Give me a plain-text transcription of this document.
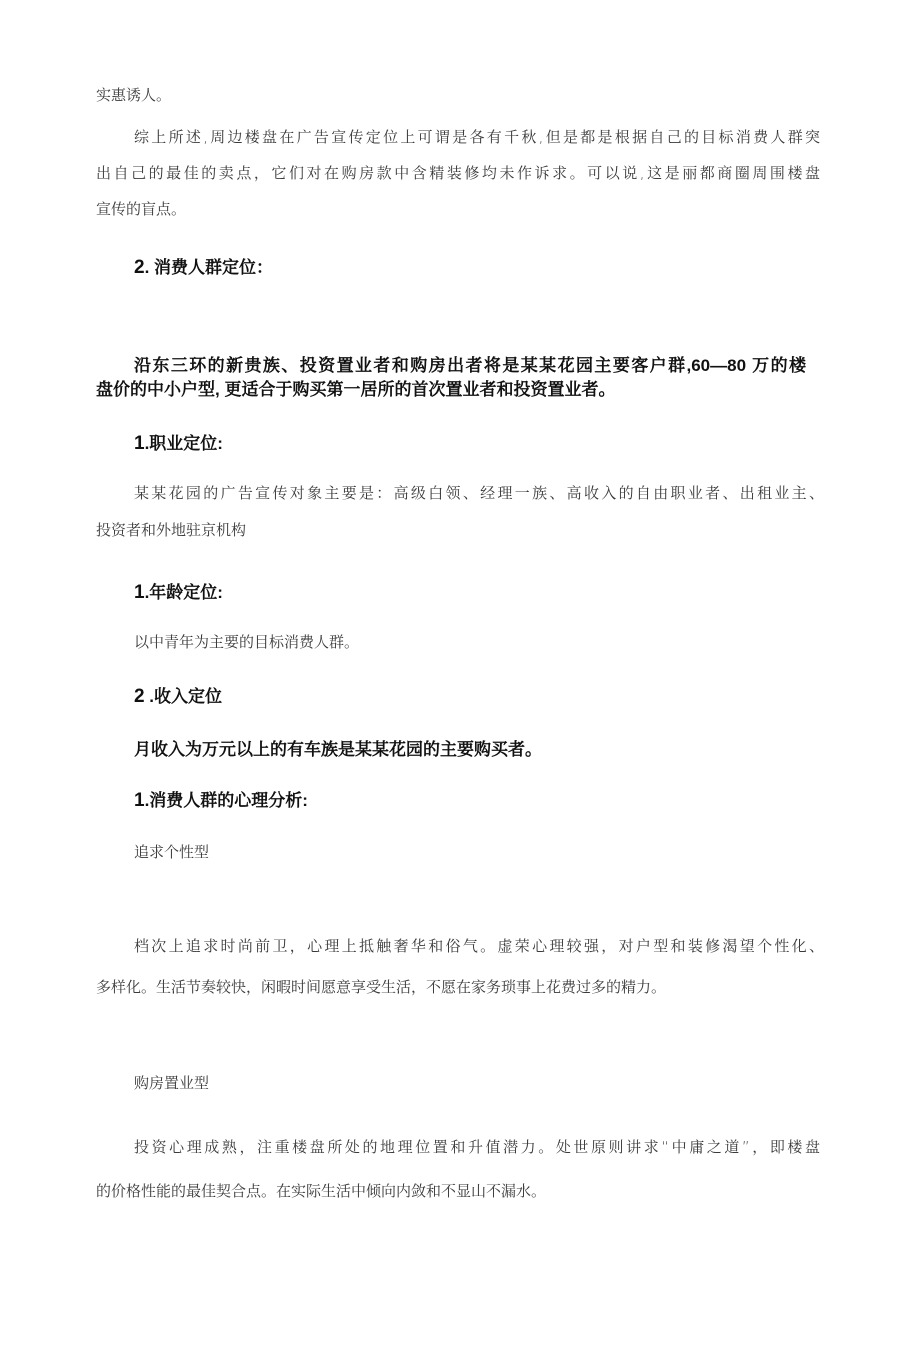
实惠诱人。
综上所述,周边楼盘在广告宣传定位上可谓是各有千秋,但是都是根据自己的目标消费人群突
出自己的最佳的卖点，它们对在购房款中含精装修均未作诉求。可以说,这是丽都商圈周围楼盘
宣传的盲点。
2. 消费人群定位：
沿东三环的新贵族、投资置业者和购房出者将是某某花园主要客户群,60—80 万的楼
盘价的中小户型, 更适合于购买第一居所的首次置业者和投资置业者。
1.职业定位:
某某花园的广告宣传对象主要是：高级白领、经理一族、高收入的自由职业者、出租业主、
投资者和外地驻京机构
1.年龄定位:
以中青年为主要的目标消费人群。
2 .收入定位
月收入为万元以上的有车族是某某花园的主要购买者。
1.消费人群的心理分析:
追求个性型
档次上追求时尚前卫，心理上抵触奢华和俗气。虚荣心理较强，对户型和装修渴望个性化、
多样化。生活节奏较快，闲暇时间愿意享受生活，不愿在家务琐事上花费过多的精力。
购房置业型
投资心理成熟，注重楼盘所处的地理位置和升值潜力。处世原则讲求“中庸之道”，即楼盘
的价格性能的最佳契合点。在实际生活中倾向内敛和不显山不漏水。
